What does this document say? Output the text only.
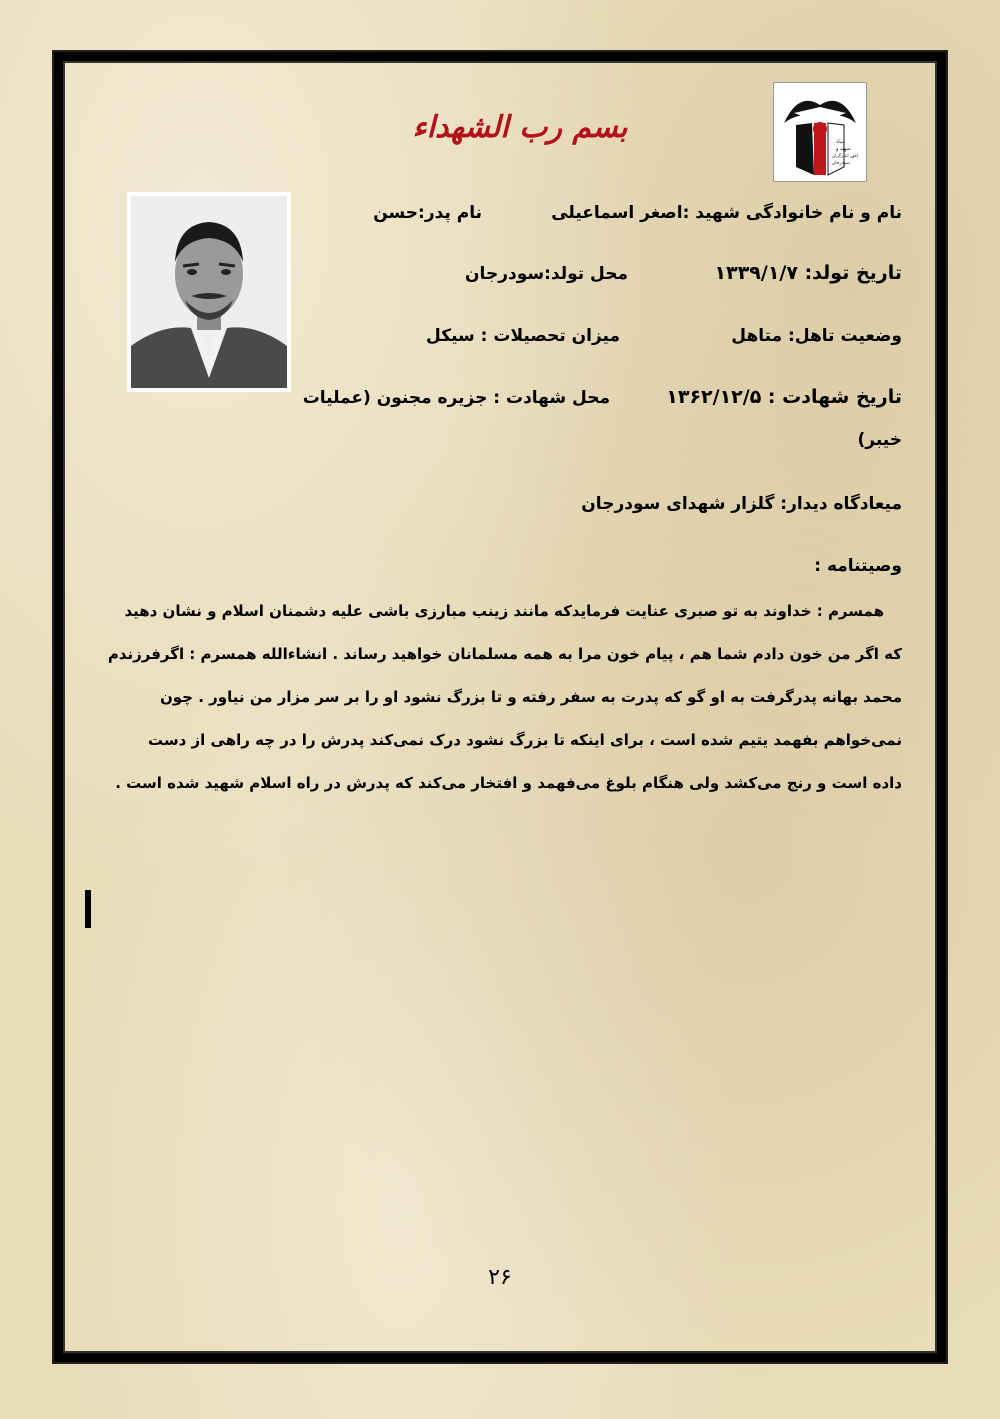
بنیاد
شهید و
امور ایثارگران
سودرجان
بسم رب الشهداء
نام و نام خانوادگی شهید :اصغر اسماعیلی
نام پدر:حسن
تاریخ تولد: ۱۳۳۹/۱/۷
محل تولد:سودرجان
وضعیت تاهل: متاهل
میزان تحصیلات : سیکل
تاریخ شهادت : ۱۳۶۲/۱۲/۵
محل شهادت : جزیره مجنون (عملیات
خیبر)
میعادگاه دیدار: گلزار شهدای سودرجان
وصیتنامه :
همسرم : خداوند به تو صبری عنایت فرمایدکه مانند زینب مبارزی باشی علیه دشمنان اسلام و نشان دهید
که اگر من خون دادم شما هم ، پیام خون مرا به همه مسلمانان خواهید رساند . انشاءالله همسرم : اگرفرزندم
محمد بهانه پدرگرفت به او گو که پدرت به سفر رفته و تا بزرگ نشود او را بر سر مزار من نیاور . چون
نمی‌خواهم بفهمد یتیم شده است ، برای اینکه تا بزرگ نشود درک نمی‌کند پدرش را در چه راهی از دست
داده است و رنج می‌کشد ولی هنگام بلوغ می‌فهمد و افتخار می‌کند که پدرش در راه اسلام شهید شده است .
۲۶
